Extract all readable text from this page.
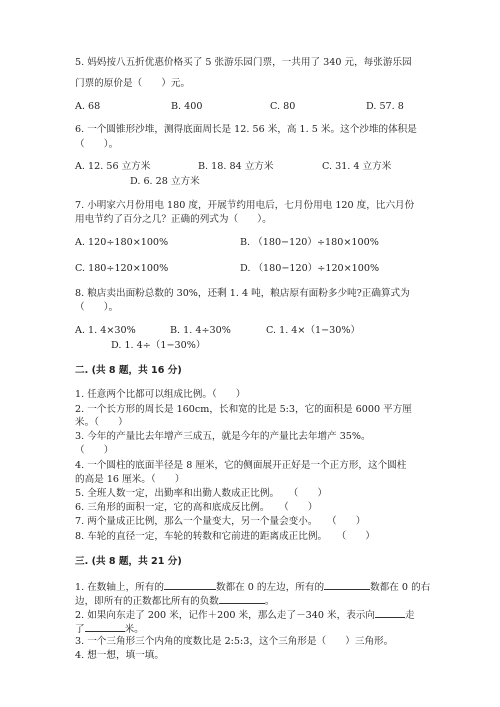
5. 妈妈按八五折优惠价格买了 5 张游乐园门票，一共用了 340 元，每张游乐园
门票的原价是（　　）元。
A. 68	B. 400	C. 80	D. 57. 8
6. 一个圆锥形沙堆，测得底面周长是 12. 56 米，高 1. 5 米。这个沙堆的体积是
（　　）。
A. 12. 56 立方米	B. 18. 84 立方米	C. 31. 4 立方米
D. 6. 28 立方米
7. 小明家六月份用电 180 度，开展节约用电后，七月份用电 120 度，比六月份
用电节约了百分之几？正确的列式为（　　）。
A. 120÷180×100%	B. （180−120）÷180×100%
C. 180÷120×100%	D. （180−120）÷120×100%
8. 粮店卖出面粉总数的 30%，还剩 1. 4 吨，粮店原有面粉多少吨?正确算式为
（　　）。
A. 1. 4×30%	B. 1. 4÷30%	C. 1. 4×（1−30%）
D. 1. 4÷（1−30%）
二. (共 8 题，共 16 分)
1. 任意两个比都可以组成比例。（　　）
2. 一个长方形的周长是 160cm，长和宽的比是 5:3，它的面积是 6000 平方厘
米。（　　）
3. 今年的产量比去年增产三成五，就是今年的产量比去年增产 35%。
（　　）
4. 一个圆柱的底面半径是 8 厘米，它的侧面展开正好是一个正方形，这个圆柱
的高是 16 厘米。（　　）
5. 全班人数一定，出勤率和出勤人数成正比例。　　（　　）
6. 三角形的面积一定，它的高和底成反比例。　　（　　）
7. 两个量成正比例，那么一个量变大，另一个量会变小。　　（　　）
8. 车轮的直径一定，车轮的转数和它前进的距离成正比例。　　（　　）
三. (共 8 题，共 21 分)
1. 在数轴上，所有的	数都在 0 的左边，所有的	数都在 0 的右
边，即所有的正数都比所有的负数	。
2. 如果向东走了 200 米，记作＋200 米，那么走了－340 米，表示向	走
了	米。
3. 一个三角形三个内角的度数比是 2:5:3，这个三角形是（　　）三角形。
4. 想一想，填一填。
